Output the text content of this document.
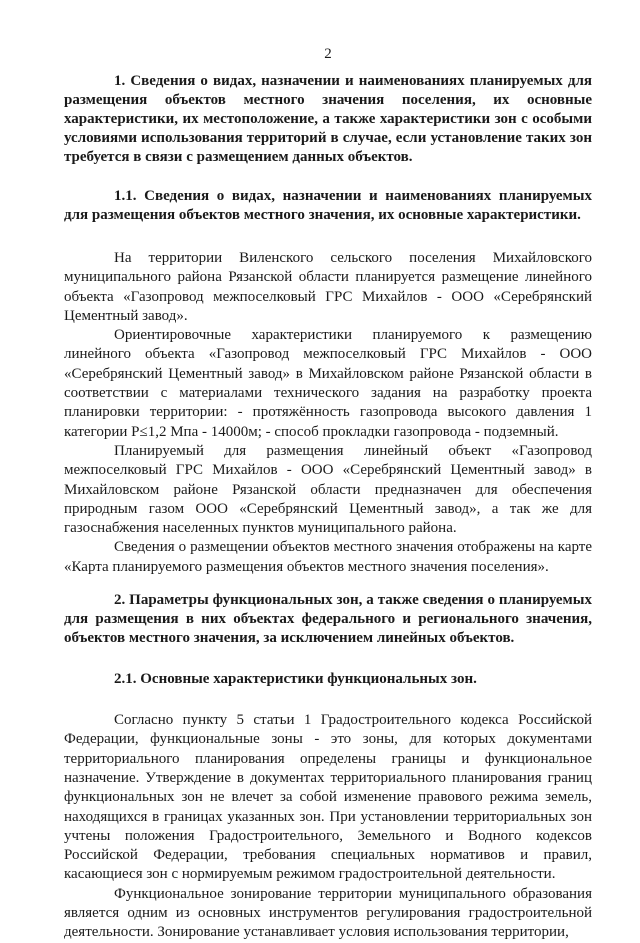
2

1. Сведения о видах, назначении и наименованиях планируемых для размещения объектов местного значения поселения, их основные характеристики, их местоположение, а также характеристики зон с особыми условиями использования территорий в случае, если установление таких зон требуется в связи с размещением данных объектов.

1.1. Сведения о видах, назначении и наименованиях планируемых для размещения объектов местного значения, их основные характеристики.

На территории Виленского сельского поселения Михайловского муниципального района Рязанской области планируется размещение линейного объекта «Газопровод межпоселковый ГРС Михайлов - ООО «Серебрянский Цементный завод».

Ориентировочные характеристики планируемого к размещению линейного объекта «Газопровод межпоселковый ГРС Михайлов - ООО «Серебрянский Цементный завод» в Михайловском районе Рязанской области в соответствии с материалами технического задания на разработку проекта планировки территории: - протяжённость газопровода высокого давления 1 категории Р≤1,2 Мпа - 14000м; - способ прокладки газопровода - подземный.

Планируемый для размещения линейный объект «Газопровод межпоселковый ГРС Михайлов - ООО «Серебрянский Цементный завод» в Михайловском районе Рязанской области предназначен для обеспечения природным газом ООО «Серебрянский Цементный завод», а так же для газоснабжения населенных пунктов муниципального района.

Сведения о размещении объектов местного значения отображены на карте «Карта планируемого размещения объектов местного значения поселения».

2. Параметры функциональных зон, а также сведения о планируемых для размещения в них объектах федерального и регионального значения, объектов местного значения, за исключением линейных объектов.

2.1. Основные характеристики функциональных зон.

Согласно пункту 5 статьи 1 Градостроительного кодекса Российской Федерации, функциональные зоны - это зоны, для которых документами территориального планирования определены границы и функциональное назначение. Утверждение в документах территориального планирования границ функциональных зон не влечет за собой изменение правового режима земель, находящихся в границах указанных зон. При установлении территориальных зон учтены положения Градостроительного, Земельного и Водного кодексов Российской Федерации, требования специальных нормативов и правил, касающиеся зон с нормируемым режимом градостроительной деятельности.

Функциональное зонирование территории муниципального образования является одним из основных инструментов регулирования градостроительной деятельности. Зонирование устанавливает условия использования территории,
